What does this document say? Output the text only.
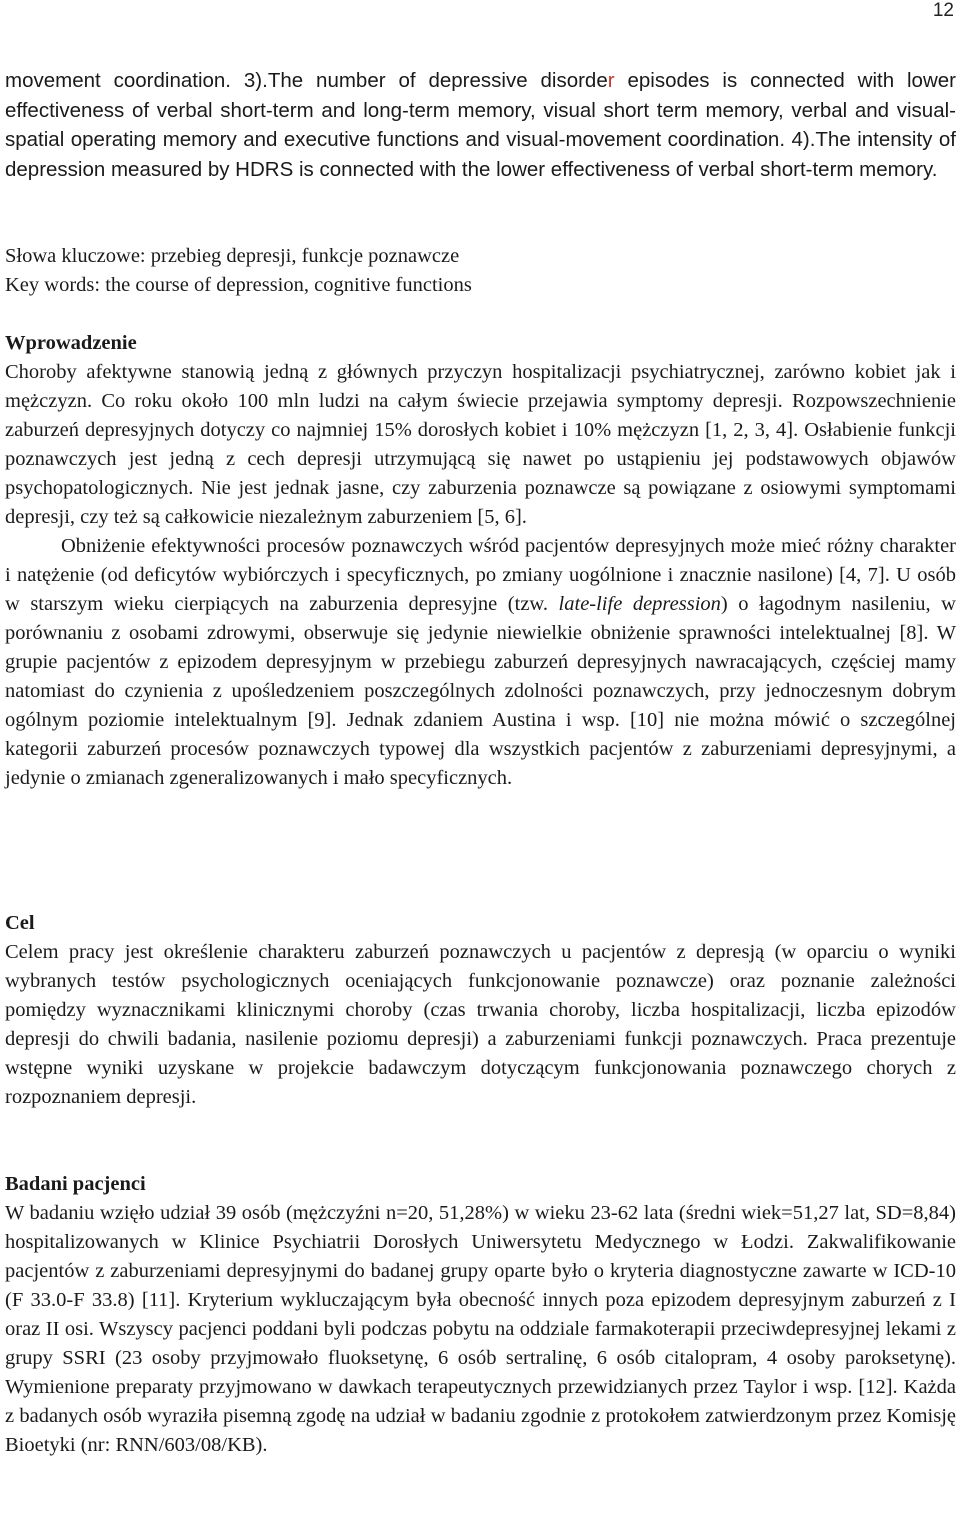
12

movement coordination. 3).The number of depressive disorder episodes is connected with lower effectiveness of verbal short-term and long-term memory, visual short term memory, verbal and visual-spatial operating memory and executive functions and visual-movement coordination. 4).The intensity of depression measured by HDRS is connected with the lower effectiveness of verbal short-term memory.

Słowa kluczowe: przebieg depresji, funkcje poznawcze

Key words: the course of depression, cognitive functions

Wprowadzenie

Choroby afektywne stanowią jedną z głównych przyczyn hospitalizacji psychiatrycznej, zarówno kobiet jak i mężczyzn. Co roku około 100 mln ludzi na całym świecie przejawia symptomy depresji. Rozpowszechnienie zaburzeń depresyjnych dotyczy co najmniej 15% dorosłych kobiet i 10% mężczyzn [1, 2, 3, 4]. Osłabienie funkcji poznawczych jest jedną z cech depresji utrzymującą się nawet po ustąpieniu jej podstawowych objawów psychopatologicznych. Nie jest jednak jasne, czy zaburzenia poznawcze są powiązane z osiowymi symptomami depresji, czy też są całkowicie niezależnym zaburzeniem [5, 6].

Obniżenie efektywności procesów poznawczych wśród pacjentów depresyjnych może mieć różny charakter i natężenie (od deficytów wybiórczych i specyficznych, po zmiany uogólnione i znacznie nasilone) [4, 7]. U osób w starszym wieku cierpiących na zaburzenia depresyjne (tzw. late-life depression) o łagodnym nasileniu, w porównaniu z osobami zdrowymi, obserwuje się jedynie niewielkie obniżenie sprawności intelektualnej [8]. W grupie pacjentów z epizodem depresyjnym w przebiegu zaburzeń depresyjnych nawracających, częściej mamy natomiast do czynienia z upośledzeniem poszczególnych zdolności poznawczych, przy jednoczesnym dobrym ogólnym poziomie intelektualnym [9]. Jednak zdaniem Austina i wsp. [10] nie można mówić o szczególnej kategorii zaburzeń procesów poznawczych typowej dla wszystkich pacjentów z zaburzeniami depresyjnymi, a jedynie o zmianach zgeneralizowanych i mało specyficznych.

Cel

Celem pracy jest określenie charakteru zaburzeń poznawczych u pacjentów z depresją (w oparciu o wyniki wybranych testów psychologicznych oceniających funkcjonowanie poznawcze) oraz poznanie zależności pomiędzy wyznacznikami klinicznymi choroby (czas trwania choroby, liczba hospitalizacji, liczba epizodów depresji do chwili badania, nasilenie poziomu depresji) a zaburzeniami funkcji poznawczych. Praca prezentuje wstępne wyniki uzyskane w projekcie badawczym dotyczącym funkcjonowania poznawczego chorych z rozpoznaniem depresji.

Badani pacjenci

W badaniu wzięło udział 39 osób (mężczyźni n=20, 51,28%) w wieku 23-62 lata (średni wiek=51,27 lat, SD=8,84) hospitalizowanych w Klinice Psychiatrii Dorosłych Uniwersytetu Medycznego w Łodzi. Zakwalifikowanie pacjentów z zaburzeniami depresyjnymi do badanej grupy oparte było o kryteria diagnostyczne zawarte w ICD-10 (F 33.0-F 33.8) [11]. Kryterium wykluczającym była obecność innych poza epizodem depresyjnym zaburzeń z I oraz II osi. Wszyscy pacjenci poddani byli podczas pobytu na oddziale farmakoterapii przeciwdepresyjnej lekami z grupy SSRI (23 osoby przyjmowało fluoksetynę, 6 osób sertralinę, 6 osób citalopram, 4 osoby paroksetynę). Wymienione preparaty przyjmowano w dawkach terapeutycznych przewidzianych przez Taylor i wsp. [12]. Każda z badanych osób wyraziła pisemną zgodę na udział w badaniu zgodnie z protokołem zatwierdzonym przez Komisję Bioetyki (nr: RNN/603/08/KB).
